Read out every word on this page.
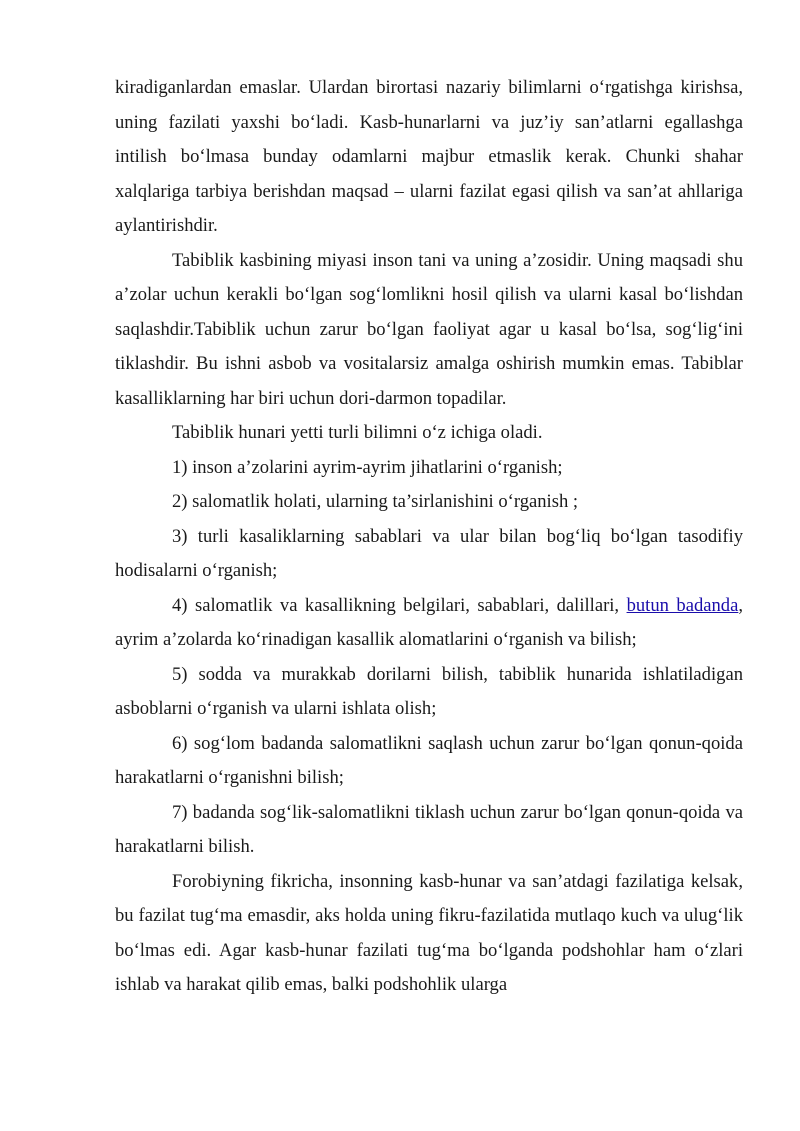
kiradiganlardan emaslar. Ulardan birortasi nazariy bilimlarni o‘rgatishga kirishsa, uning fazilati yaxshi bo‘ladi. Kasb-hunarlarni va juz’iy san’atlarni egallashga intilish bo‘lmasa bunday odamlarni majbur etmaslik kerak. Chunki shahar xalqlariga tarbiya berishdan maqsad – ularni fazilat egasi qilish va san’at ahllariga aylantirishdir.

Tabiblik kasbining miyasi inson tani va uning a’zosidir. Uning maqsadi shu a’zolar uchun kerakli bo‘lgan sog‘lomlikni hosil qilish va ularni kasal bo‘lishdan saqlashdir.Tabiblik uchun zarur bo‘lgan faoliyat agar u kasal bo‘lsa, sog‘lig‘ini tiklashdir. Bu ishni asbob va vositalarsiz amalga oshirish mumkin emas. Tabiblar kasalliklarning har biri uchun dori-darmon topadilar.

Tabiblik hunari yetti turli bilimni o‘z ichiga oladi.

1) inson a’zolarini ayrim-ayrim jihatlarini o‘rganish;

2) salomatlik holati, ularning ta’sirlanishini o‘rganish ;

3) turli kasaliklarning sabablari va ular bilan bog‘liq bo‘lgan tasodifiy hodisalarni o‘rganish;

4) salomatlik va kasallikning belgilari, sabablari, dalillari, butun badanda, ayrim a’zolarda ko‘rinadigan kasallik alomatlarini o‘rganish va bilish;

5) sodda va murakkab dorilarni bilish, tabiblik hunarida ishlatiladigan asboblarni o‘rganish va ularni ishlata olish;

6) sog‘lom badanda salomatlikni saqlash uchun zarur bo‘lgan qonun-qoida harakatlarni o‘rganishni bilish;

7) badanda sog‘lik-salomatlikni tiklash uchun zarur bo‘lgan qonun-qoida va harakatlarni bilish.

Forobiyning fikricha, insonning kasb-hunar va san’atdagi fazilatiga kelsak, bu fazilat tug‘ma emasdir, aks holda uning fikru-fazilatida mutlaqo kuch va ulug‘lik bo‘lmas edi. Agar kasb-hunar fazilati tug‘ma bo‘lganda podshohlar ham o‘zlari ishlab va harakat qilib emas, balki podshohlik ularga
